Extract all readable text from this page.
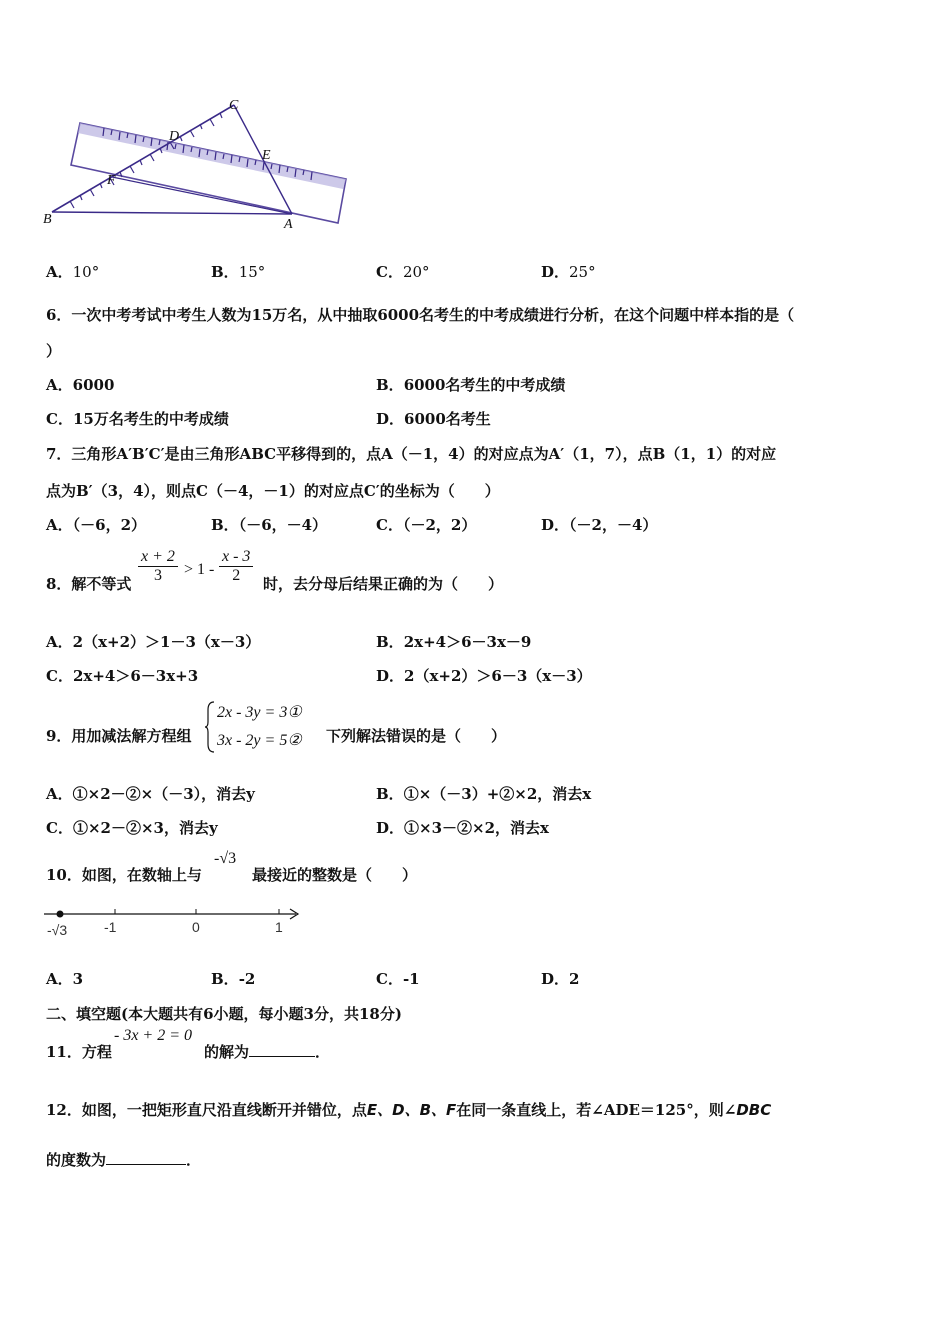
C
D
E
F
B	A
A．10°	B．15°	C．20°	D．25°
6．一次中考考试中考生人数为15万名，从中抽取6000名考生的中考成绩进行分析，在这个问题中样本指的是（
）
A．6000	B．6000名考生的中考成绩
C．15万名考生的中考成绩	D．6000名考生
7．三角形A′B′C′是由三角形ABC平移得到的，点A（－1，4）的对应点为A′（1，7），点B（1，1）的对应
点为B′（3，4），则点C（－4，－1）的对应点C′的坐标为（　　）
A．（－6，2）	B．（－6，－4）	C．（－2，2）	D．（－2，－4）
8．解不等式 $\frac{x + 2}{3} > 1 - \frac{x - 3}{2}$ 时，去分母后结果正确的为（　　）
A．2（x+2）＞1－3（x－3）	B．2x+4＞6－3x－9
C．2x+4＞6－3x+3	D．2（x+2）＞6－3（x－3）
9．用加减法解方程组
2x - 3y = 3①
3x - 2y = 5② 下列解法错误的是（　　）
A．①×2－②×（－3），消去y	B．①×（－3）+②×2，消去x
C．①×2－②×3，消去y	D．①×3－②×2，消去x
10．如图，在数轴上与
-√3
最接近的整数是（　　）
-√3	-1	0	1
A．3	B．-2	C．-1	D．2
二、填空题(本大题共有6小题，每小题3分，共18分)
11．方程
- 3x + 2 = 0
的解为	．
12．如图，一把矩形直尺沿直线断开并错位，点E、D、B、F在同一条直线上，若∠ADE＝125°，则∠DBC
的度数为	．
